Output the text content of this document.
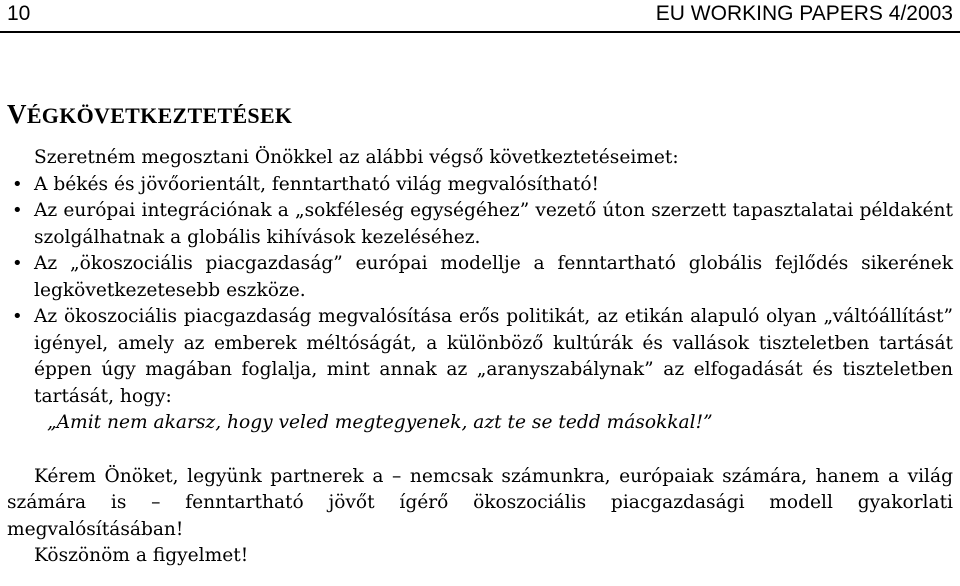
10	EU WORKING PAPERS 4/2003
VÉGKÖVETKEZTETÉSEK

Szeretném megosztani Önökkel az alábbi végső következtetéseimet:

• A békés és jövőorientált, fenntartható világ megvalósítható!
• Az európai integrációnak a „sokféleség egységéhez” vezető úton szerzett tapasztalatai példaként szolgálhatnak a globális kihívások kezeléséhez.
• Az „ökoszociális piacgazdaság” európai modellje a fenntartható globális fejlődés sikerének legkövetkezetesebb eszköze.
• Az ökoszociális piacgazdaság megvalósítása erős politikát, az etikán alapuló olyan „váltóállítást” igényel, amely az emberek méltóságát, a különböző kultúrák és vallások tiszteletben tartását éppen úgy magában foglalja, mint annak az „aranyszabálynak” az elfogadását és tiszteletben tartását, hogy:

„Amit nem akarsz, hogy veled megtegyenek, azt te se tedd másokkal!”

Kérem Önöket, legyünk partnerek a – nemcsak számunkra, európaiak számára, hanem a világ számára is – fenntartható jövőt ígérő ökoszociális piacgazdasági modell gyakorlati megvalósításában!

Köszönöm a figyelmet!
